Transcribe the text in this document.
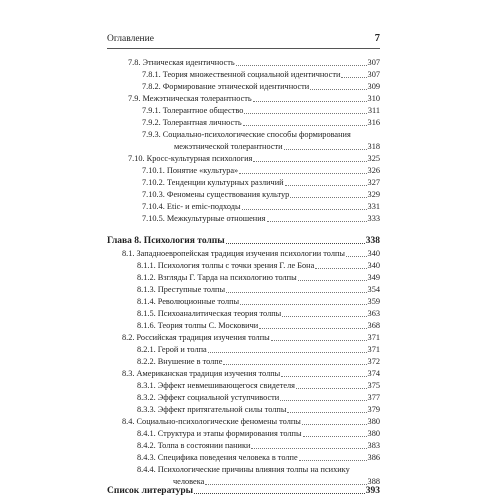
Оглавление	7
7.8. Этническая идентичность	307
7.8.1. Теория множественной социальной идентичности	307
7.8.2. Формирование этнической идентичности	309
7.9. Межэтническая толерантность	310
7.9.1. Толерантное общество	311
7.9.2. Толерантная личность	316
7.9.3. Социально-психологические способы формирования
межэтнической толерантности	318
7.10. Кросс-культурная психология	325
7.10.1. Понятие «культура»	326
7.10.2. Тенденции культурных различий	327
7.10.3. Феномены существования культур	329
7.10.4. Etic- и emic-подходы	331
7.10.5. Межкультурные отношения	333
Глава 8. Психология толпы	338
8.1. Западноевропейская традиция изучения психологии толпы	340
8.1.1. Психология толпы с точки зрения Г. ле Бона	340
8.1.2. Взгляды Г. Тарда на психологию толпы	349
8.1.3. Преступные толпы	354
8.1.4. Революционные толпы	359
8.1.5. Психоаналитическая теория толпы	363
8.1.6. Теория толпы С. Московичи	368
8.2. Российская традиция изучения толпы	371
8.2.1. Герой и толпа	371
8.2.2. Внушение в толпе	372
8.3. Американская традиция изучения толпы	374
8.3.1. Эффект невмешивающегося свидетеля	375
8.3.2. Эффект социальной уступчивости	377
8.3.3. Эффект притягательной силы толпы	379
8.4. Социально-психологические феномены толпы	380
8.4.1. Структура и этапы формирования толпы	380
8.4.2. Толпа в состоянии паники	383
8.4.3. Специфика поведения человека в толпе	386
8.4.4. Психологические причины влияния толпы на психику
человека	388
Список литературы	393
